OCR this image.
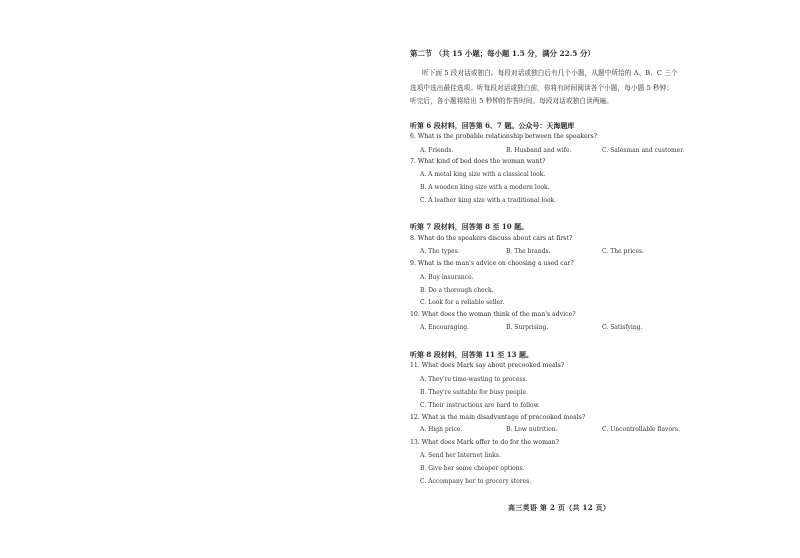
第二节 （共 15 小题；每小题 1.5 分，满分 22.5 分）
听下面 5 段对话或独白。每段对话或独白后有几个小题，从题中所给的 A、B、C 三个
选项中选出最佳选项。听每段对话或独白前，你将有时间阅读各个小题，每小题 5 秒钟；
听完后，各小题将给出 5 秒钟的作答时间。每段对话或独白读两遍。
听第 6 段材料，回答第 6、7 题。公众号：天海题库
6. What is the probable relationship between the speakers?
A. Friends.	B. Husband and wife.	C. Salesman and customer.
7. What kind of bed does the woman want?
A. A metal king size with a classical look.
B. A wooden king size with a modern look.
C. A leather king size with a traditional look.
听第 7 段材料，回答第 8 至 10 题。
8. What do the speakers discuss about cars at first?
A. The types.	B. The brands.	C. The prices.
9. What is the man's advice on choosing a used car?
A. Buy insurance.
B. Do a thorough check.
C. Look for a reliable seller.
10. What does the woman think of the man's advice?
A. Encouraging.	B. Surprising.	C. Satisfying.
听第 8 段材料，回答第 11 至 13 题。
11. What does Mark say about precooked meals?
A. They're time-wasting to process.
B. They're suitable for busy people.
C. Their instructions are hard to follow.
12. What is the main disadvantage of precooked meals?
A. High price.	B. Low nutrition.	C. Uncontrollable flavors.
13. What does Mark offer to do for the woman?
A. Send her Internet links.
B. Give her some cheaper options.
C. Accompany her to grocery stores.
高三英语 第 2 页（共 12 页）
